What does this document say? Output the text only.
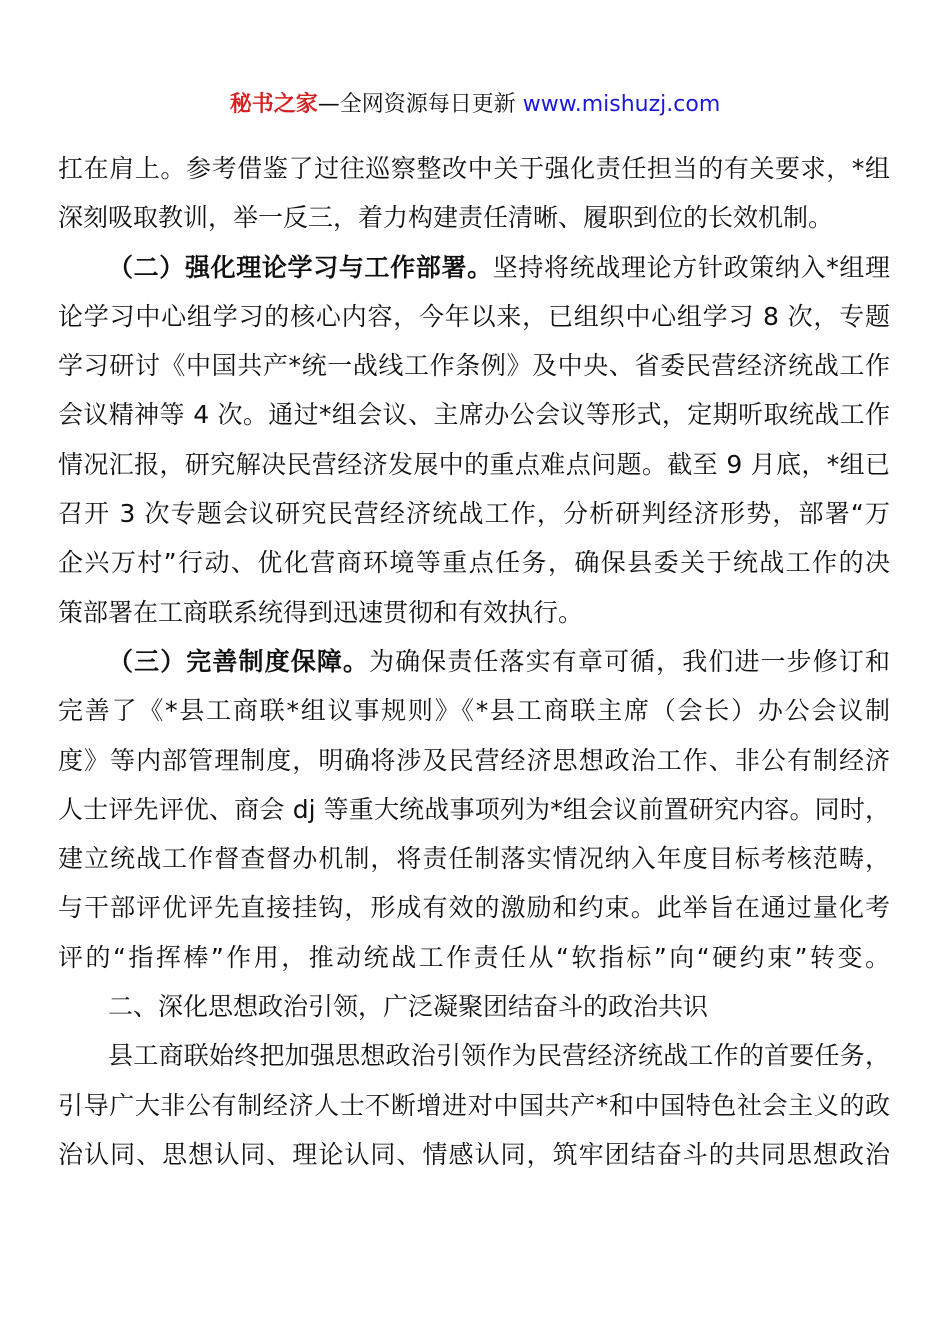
秘书之家—全网资源每日更新 www.mishuzj.com
扛在肩上。参考借鉴了过往巡察整改中关于强化责任担当的有关要求，*组
深刻吸取教训，举一反三，着力构建责任清晰、履职到位的长效机制。
（二）强化理论学习与工作部署。坚持将统战理论方针政策纳入*组理
论学习中心组学习的核心内容，今年以来，已组织中心组学习 8 次，专题
学习研讨《中国共产*统一战线工作条例》及中央、省委民营经济统战工作
会议精神等 4 次。通过*组会议、主席办公会议等形式，定期听取统战工作
情况汇报，研究解决民营经济发展中的重点难点问题。截至 9 月底，*组已
召开 3 次专题会议研究民营经济统战工作，分析研判经济形势，部署“万
企兴万村”行动、优化营商环境等重点任务，确保县委关于统战工作的决
策部署在工商联系统得到迅速贯彻和有效执行。
（三）完善制度保障。为确保责任落实有章可循，我们进一步修订和
完善了《*县工商联*组议事规则》《*县工商联主席（会长）办公会议制
度》等内部管理制度，明确将涉及民营经济思想政治工作、非公有制经济
人士评先评优、商会 dj 等重大统战事项列为*组会议前置研究内容。同时，
建立统战工作督查督办机制，将责任制落实情况纳入年度目标考核范畴，
与干部评优评先直接挂钩，形成有效的激励和约束。此举旨在通过量化考
评的“指挥棒”作用，推动统战工作责任从“软指标”向“硬约束”转变。
二、深化思想政治引领，广泛凝聚团结奋斗的政治共识
县工商联始终把加强思想政治引领作为民营经济统战工作的首要任务，
引导广大非公有制经济人士不断增进对中国共产*和中国特色社会主义的政
治认同、思想认同、理论认同、情感认同，筑牢团结奋斗的共同思想政治
